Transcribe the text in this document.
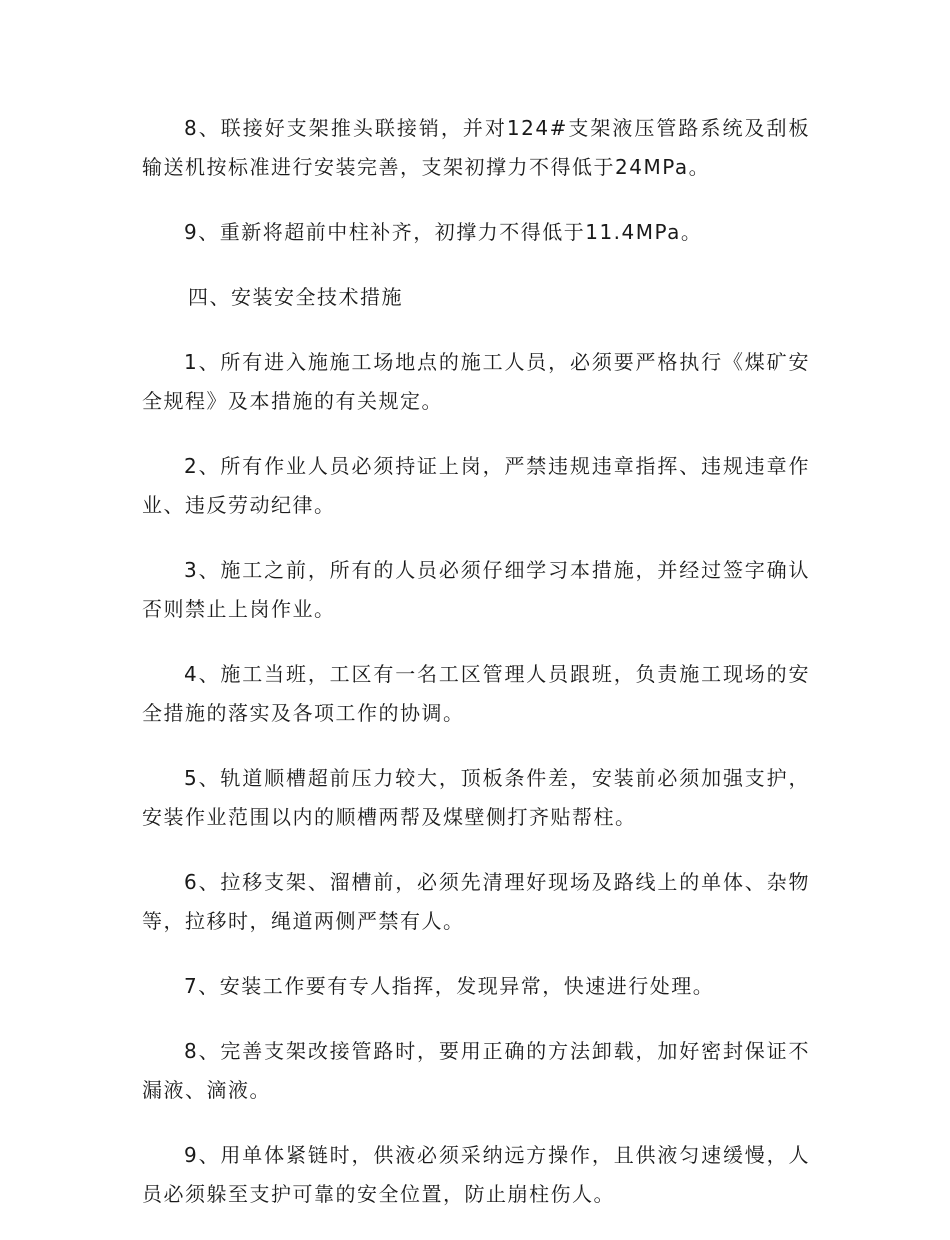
8、联接好支架推头联接销，并对124#支架液压管路系统及刮板输送机按标准进行安装完善，支架初撑力不得低于24MPa。

9、重新将超前中柱补齐，初撑力不得低于11.4MPa。

四、安装安全技术措施

1、所有进入施施工场地点的施工人员，必须要严格执行《煤矿安全规程》及本措施的有关规定。

2、所有作业人员必须持证上岗，严禁违规违章指挥、违规违章作业、违反劳动纪律。

3、施工之前，所有的人员必须仔细学习本措施，并经过签字确认否则禁止上岗作业。

4、施工当班，工区有一名工区管理人员跟班，负责施工现场的安全措施的落实及各项工作的协调。

5、轨道顺槽超前压力较大，顶板条件差，安装前必须加强支护，安装作业范围以内的顺槽两帮及煤壁侧打齐贴帮柱。

6、拉移支架、溜槽前，必须先清理好现场及路线上的单体、杂物等，拉移时，绳道两侧严禁有人。

7、安装工作要有专人指挥，发现异常，快速进行处理。

8、完善支架改接管路时，要用正确的方法卸载，加好密封保证不漏液、滴液。

9、用单体紧链时，供液必须采纳远方操作，且供液匀速缓慢，人员必须躲至支护可靠的安全位置，防止崩柱伤人。
